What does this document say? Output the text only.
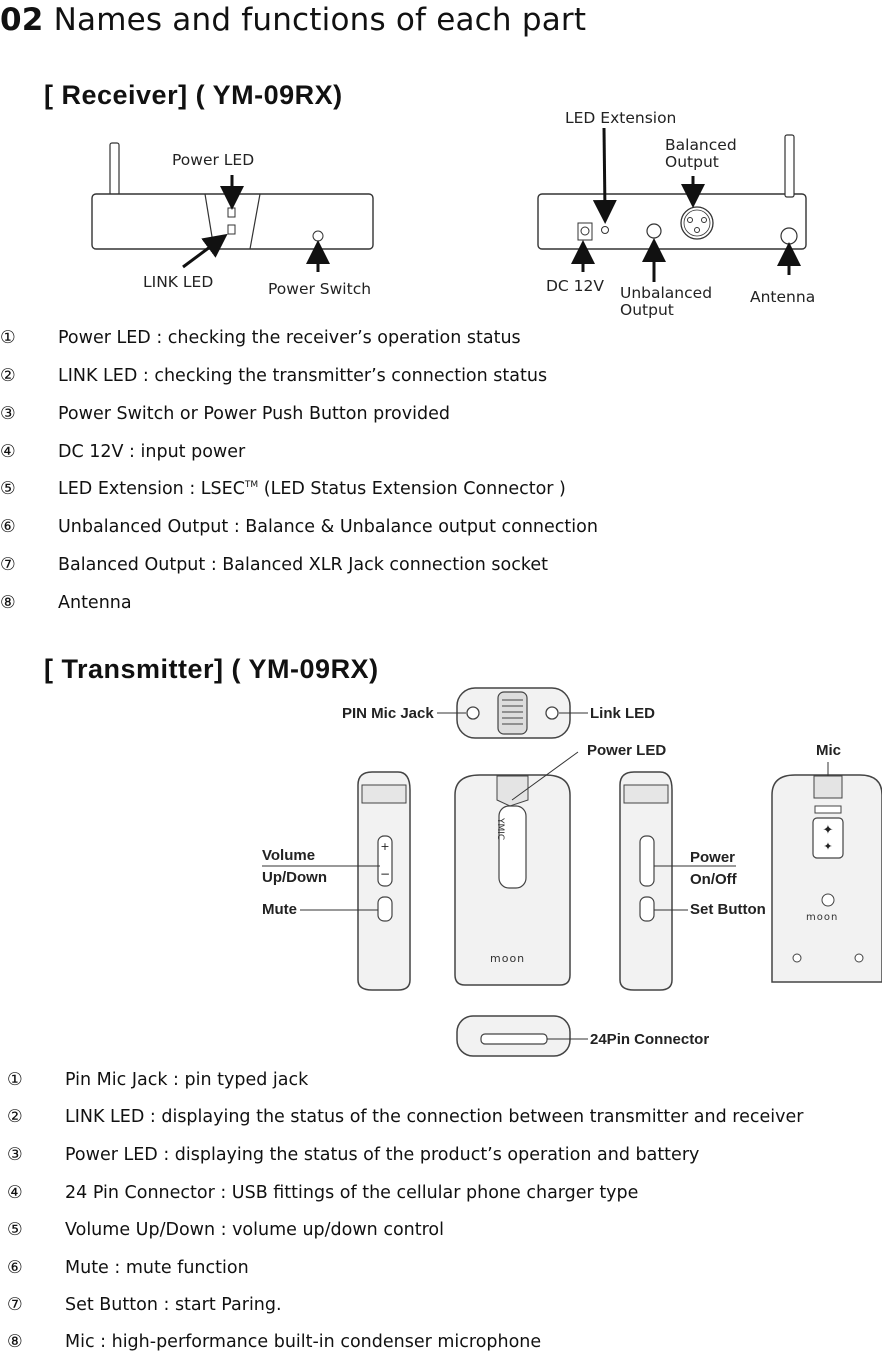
02 Names and functions of each part
[ Receiver] ( YM-09RX)
Power LED
LINK LED	Power Switch
LED Extension
Balanced
Output
DC 12V Unbalanced
Output
Antenna
① Power LED : checking the receiver’s operation status
② LINK LED : checking the transmitter’s connection status
③ Power Switch or Power Push Button provided
④ DC 12V : input power
⑤ LED Extension : LSEC™ (LED Status Extension Connector )
⑥ Unbalanced Output : Balance & Unbalance output connection
⑦ Balanced Output : Balanced XLR Jack connection socket
⑧ Antenna
[ Transmitter] ( YM-09RX)
+
−
✦
✦
PIN Mic Jack	Link LED
Power LED	Mic
Volume
Up/Down
Mute
Power
On/Off
Set Button
24Pin Connector
moon
moon
YMIC
① Pin Mic Jack : pin typed jack
② LINK LED : displaying the status of the connection between transmitter and receiver
③ Power LED : displaying the status of the product’s operation and battery
④ 24 Pin Connector : USB fittings of the cellular phone charger type
⑤ Volume Up/Down : volume up/down control
⑥ Mute : mute function
⑦ Set Button : start Paring.
⑧ Mic : high-performance built-in condenser microphone
